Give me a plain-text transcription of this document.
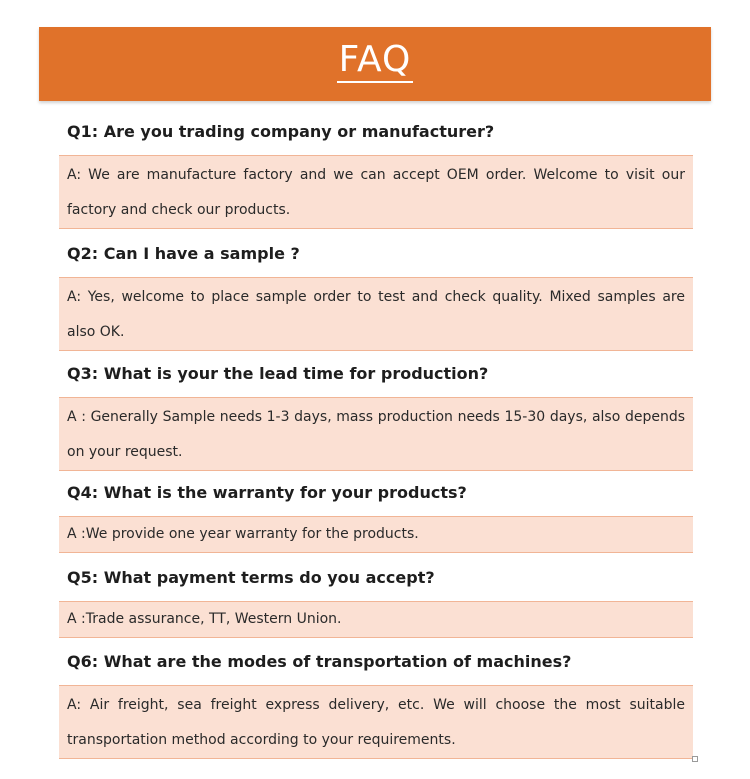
FAQ
Q1: Are you trading company or manufacturer?
A: We are manufacture factory and we can accept OEM order. Welcome to visit our factory and check our products.
Q2: Can I have a sample ?
A: Yes, welcome to place sample order to test and check quality. Mixed samples are also OK.
Q3: What is your the lead time for production?
A : Generally Sample needs 1-3 days, mass production needs 15-30 days, also depends on your request.
Q4: What is the warranty for your products?
A :We provide one year warranty for the products.
Q5: What payment terms do you accept?
A :Trade assurance, TT, Western Union.
Q6: What are the modes of transportation of machines?
A: Air freight, sea freight express delivery, etc. We will choose the most suitable transportation method according to your requirements.
